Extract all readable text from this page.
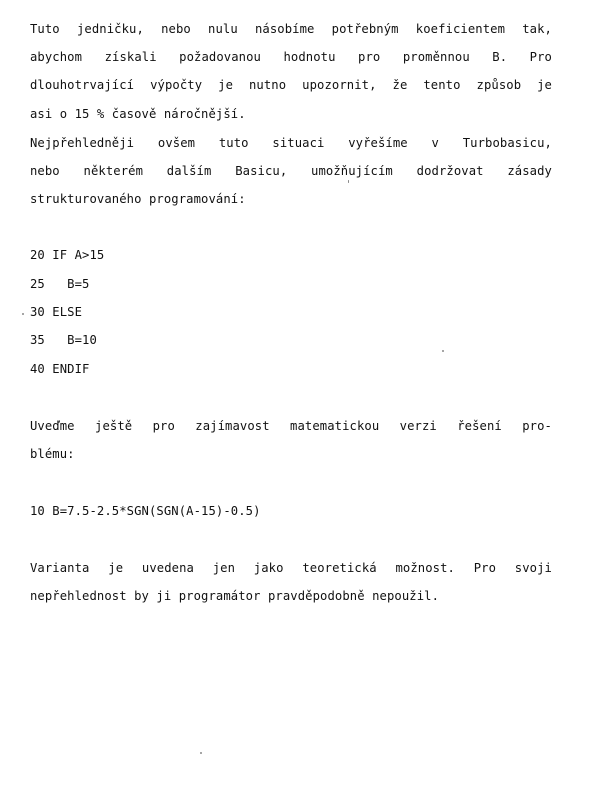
Tuto jedničku, nebo nulu násobíme potřebným koeficientem tak,
abychom získali požadovanou hodnotu pro proměnnou B. Pro
dlouhotrvající výpočty je nutno upozornit, že tento způsob je
asi o 15 % časově náročnější.
Nejpřehledněji ovšem tuto situaci vyřešíme v Turbobasicu,
nebo některém dalším Basicu, umožňujícím dodržovat zásady
strukturovaného programování:
20 IF A>15
25   B=5
30 ELSE
35   B=10
40 ENDIF
Uveďme ještě pro zajímavost matematickou verzi řešení pro-
blému:
10 B=7.5-2.5*SGN(SGN(A-15)-0.5)
Varianta je uvedena jen jako teoretická možnost. Pro svoji
nepřehlednost by ji programátor pravděpodobně nepoužil.
